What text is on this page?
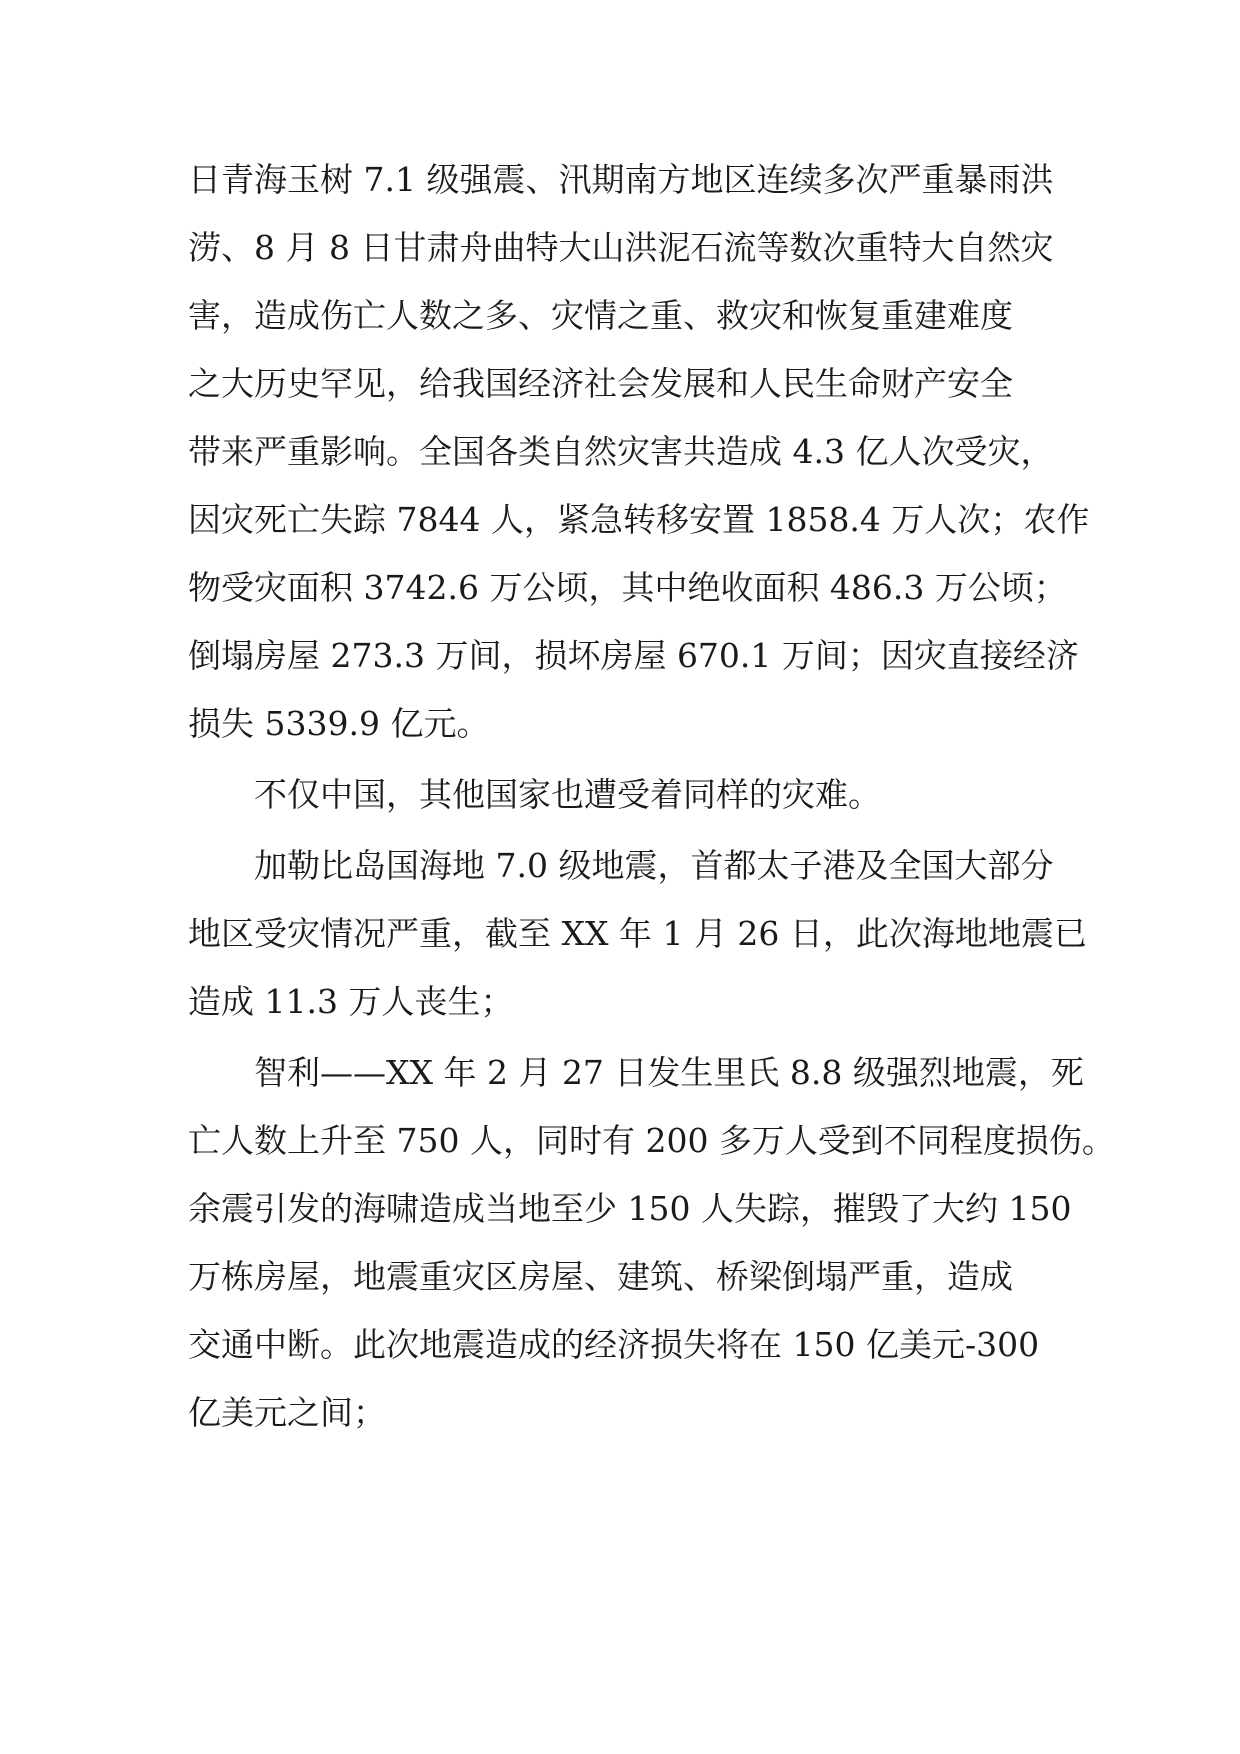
日青海玉树 7.1 级强震、汛期南方地区连续多次严重暴雨洪
涝、8 月 8 日甘肃舟曲特大山洪泥石流等数次重特大自然灾
害，造成伤亡人数之多、灾情之重、救灾和恢复重建难度
之大历史罕见，给我国经济社会发展和人民生命财产安全
带来严重影响。全国各类自然灾害共造成 4.3 亿人次受灾，
因灾死亡失踪 7844 人，紧急转移安置 1858.4 万人次；农作
物受灾面积 3742.6 万公顷，其中绝收面积 486.3 万公顷；
倒塌房屋 273.3 万间，损坏房屋 670.1 万间；因灾直接经济
损失 5339.9 亿元。
不仅中国，其他国家也遭受着同样的灾难。
加勒比岛国海地 7.0 级地震，首都太子港及全国大部分
地区受灾情况严重，截至 XX 年 1 月 26 日，此次海地地震已
造成 11.3 万人丧生；
智利——XX 年 2 月 27 日发生里氏 8.8 级强烈地震，死
亡人数上升至 750 人，同时有 200 多万人受到不同程度损伤。
余震引发的海啸造成当地至少 150 人失踪，摧毁了大约 150
万栋房屋，地震重灾区房屋、建筑、桥梁倒塌严重，造成
交通中断。此次地震造成的经济损失将在 150 亿美元-300
亿美元之间；
